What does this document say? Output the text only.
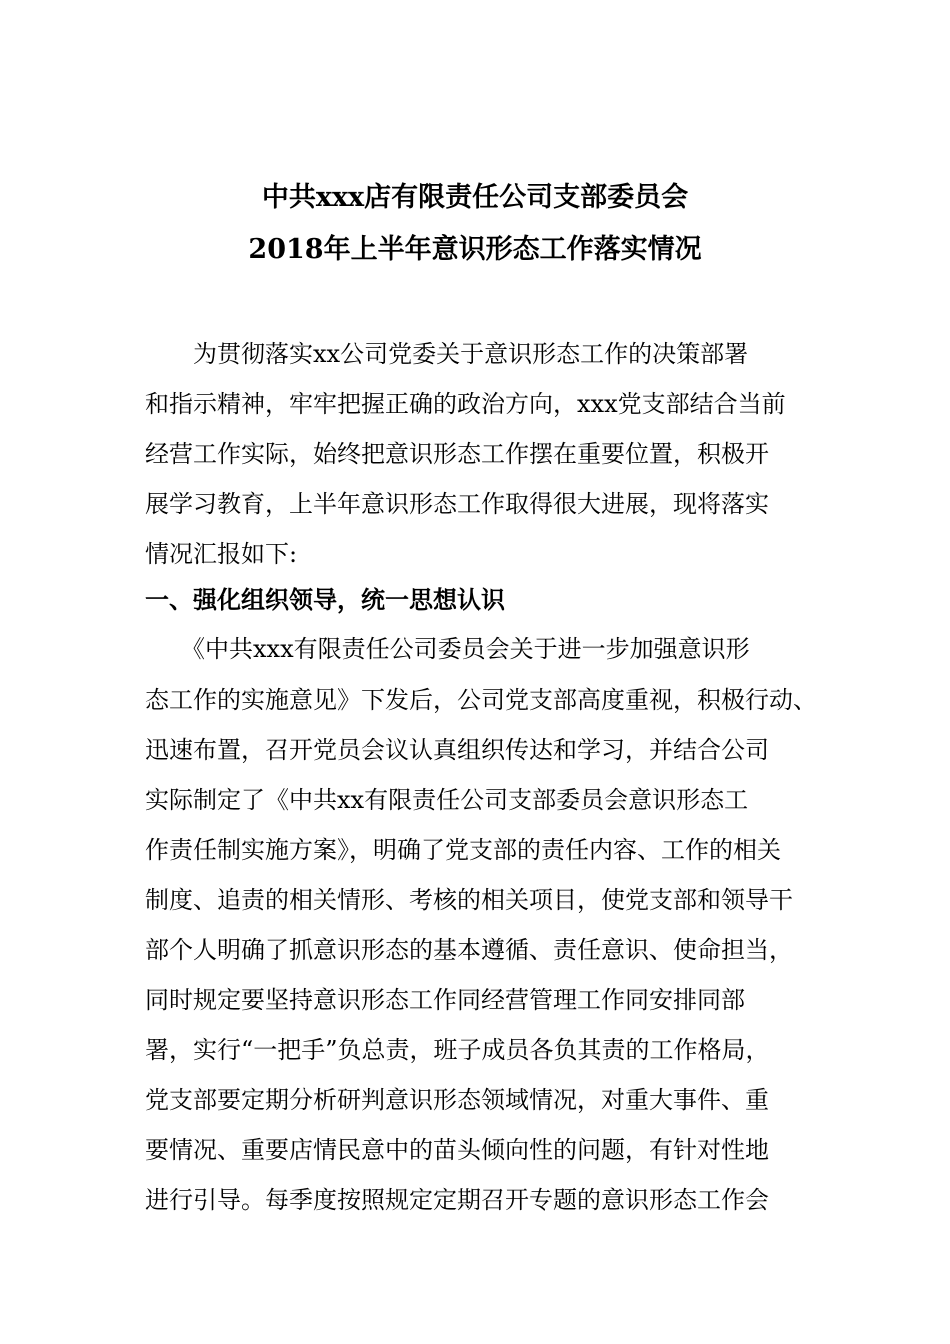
中共xxx店有限责任公司支部委员会
2018年上半年意识形态工作落实情况
　　为贯彻落实xx公司党委关于意识形态工作的决策部署
和指示精神，牢牢把握正确的政治方向，xxx党支部结合当前
经营工作实际，始终把意识形态工作摆在重要位置，积极开
展学习教育，上半年意识形态工作取得很大进展，现将落实
情况汇报如下:
一、强化组织领导，统一思想认识
　　《中共xxx有限责任公司委员会关于进一步加强意识形
态工作的实施意见》下发后，公司党支部高度重视，积极行动、
迅速布置，召开党员会议认真组织传达和学习，并结合公司
实际制定了《中共xx有限责任公司支部委员会意识形态工
作责任制实施方案》，明确了党支部的责任内容、工作的相关
制度、追责的相关情形、考核的相关项目，使党支部和领导干
部个人明确了抓意识形态的基本遵循、责任意识、使命担当，
同时规定要坚持意识形态工作同经营管理工作同安排同部
署，实行“一把手”负总责，班子成员各负其责的工作格局，
党支部要定期分析研判意识形态领域情况，对重大事件、重
要情况、重要店情民意中的苗头倾向性的问题，有针对性地
进行引导。每季度按照规定定期召开专题的意识形态工作会
